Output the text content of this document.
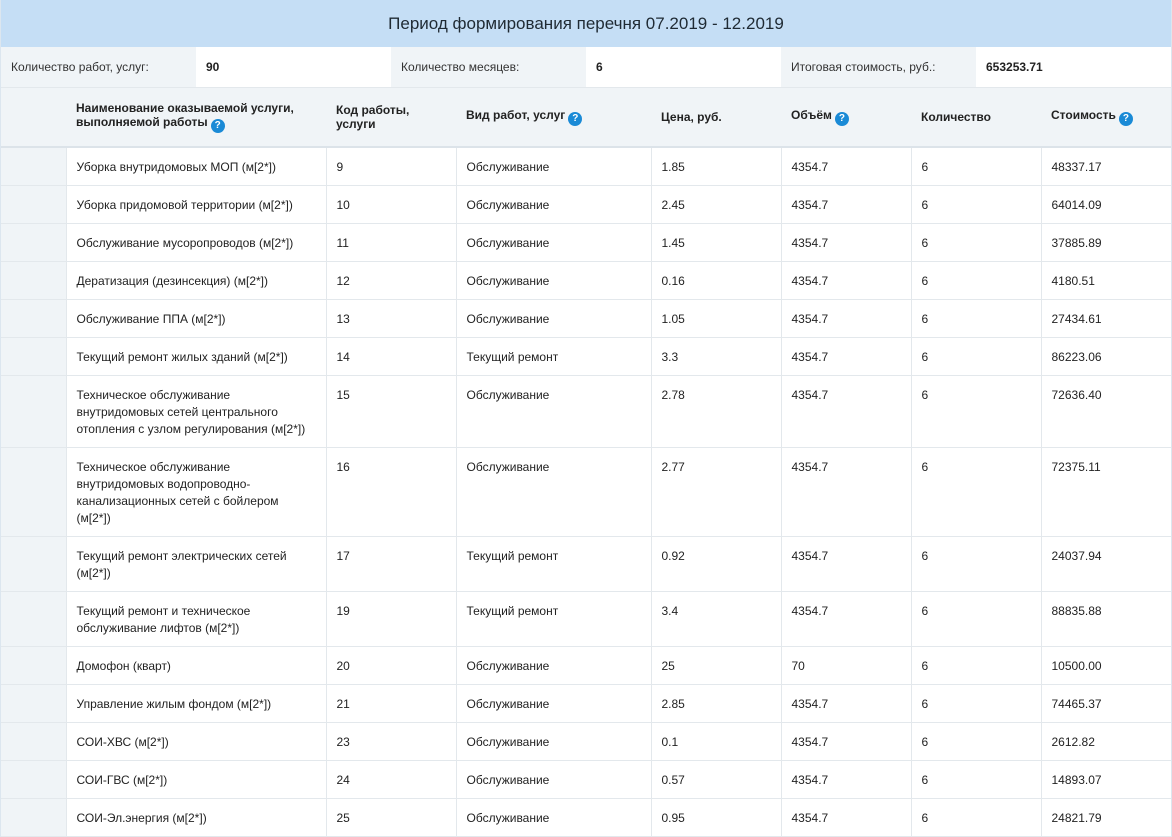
Период формирования перечня 07.2019 - 12.2019
Количество работ, услуг:	90	Количество месяцев:	6	Итоговая стоимость, руб.:	653253.71
	Наименование оказываемой услуги, выполняемой работы ?	Код работы, услуги	Вид работ, услуг ?	Цена, руб.	Объём ?	Количество	Стоимость ?
	Уборка внутридомовых МОП (м[2*])	9	Обслуживание	1.85	4354.7	6	48337.17
	Уборка придомовой территории (м[2*])	10	Обслуживание	2.45	4354.7	6	64014.09
	Обслуживание мусоропроводов (м[2*])	11	Обслуживание	1.45	4354.7	6	37885.89
	Дератизация (дезинсекция) (м[2*])	12	Обслуживание	0.16	4354.7	6	4180.51
	Обслуживание ППА (м[2*])	13	Обслуживание	1.05	4354.7	6	27434.61
	Текущий ремонт жилых зданий (м[2*])	14	Текущий ремонт	3.3	4354.7	6	86223.06
	Техническое обслуживание внутридомовых сетей центрального отопления с узлом регулирования (м[2*])	15	Обслуживание	2.78	4354.7	6	72636.40
	Техническое обслуживание внутридомовых водопроводно-канализационных сетей с бойлером (м[2*])	16	Обслуживание	2.77	4354.7	6	72375.11
	Текущий ремонт электрических сетей (м[2*])	17	Текущий ремонт	0.92	4354.7	6	24037.94
	Текущий ремонт и техническое обслуживание лифтов (м[2*])	19	Текущий ремонт	3.4	4354.7	6	88835.88
	Домофон (кварт)	20	Обслуживание	25	70	6	10500.00
	Управление жилым фондом (м[2*])	21	Обслуживание	2.85	4354.7	6	74465.37
	СОИ-ХВС (м[2*])	23	Обслуживание	0.1	4354.7	6	2612.82
	СОИ-ГВС (м[2*])	24	Обслуживание	0.57	4354.7	6	14893.07
	СОИ-Эл.энергия (м[2*])	25	Обслуживание	0.95	4354.7	6	24821.79
